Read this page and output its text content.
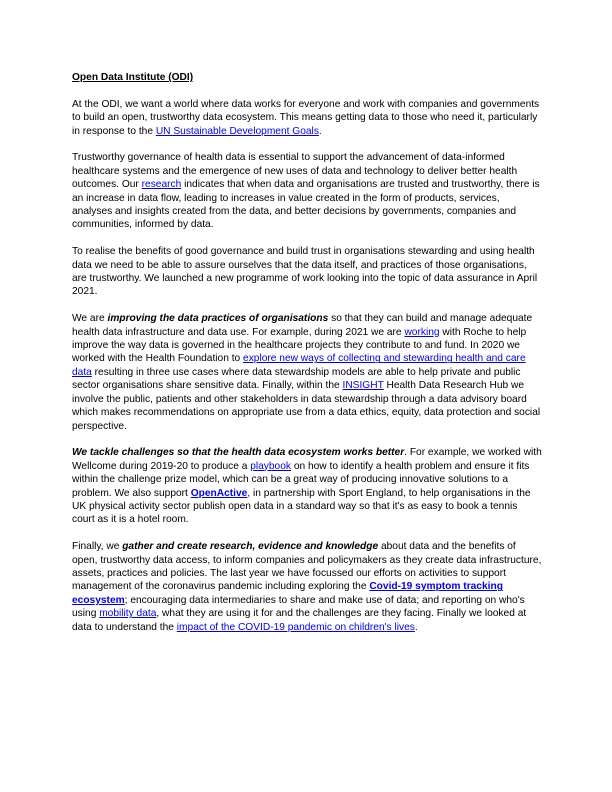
Open Data Institute (ODI)

At the ODI, we want a world where data works for everyone and work with companies and governments to build an open, trustworthy data ecosystem. This means getting data to those who need it, particularly in response to the UN Sustainable Development Goals.

Trustworthy governance of health data is essential to support the advancement of data-informed healthcare systems and the emergence of new uses of data and technology to deliver better health outcomes. Our research indicates that when data and organisations are trusted and trustworthy, there is an increase in data flow, leading to increases in value created in the form of products, services, analyses and insights created from the data, and better decisions by governments, companies and communities, informed by data.

To realise the benefits of good governance and build trust in organisations stewarding and using health data we need to be able to assure ourselves that the data itself, and practices of those organisations, are trustworthy. We launched a new programme of work looking into the topic of data assurance in April 2021.

We are improving the data practices of organisations so that they can build and manage adequate health data infrastructure and data use. For example, during 2021 we are working with Roche to help improve the way data is governed in the healthcare projects they contribute to and fund. In 2020 we worked with the Health Foundation to explore new ways of collecting and stewarding health and care data resulting in three use cases where data stewardship models are able to help private and public sector organisations share sensitive data. Finally, within the INSIGHT Health Data Research Hub we involve the public, patients and other stakeholders in data stewardship through a data advisory board which makes recommendations on appropriate use from a data ethics, equity, data protection and social perspective.

We tackle challenges so that the health data ecosystem works better. For example, we worked with Wellcome during 2019-20 to produce a playbook on how to identify a health problem and ensure it fits within the challenge prize model, which can be a great way of producing innovative solutions to a problem. We also support OpenActive, in partnership with Sport England, to help organisations in the UK physical activity sector publish open data in a standard way so that it's as easy to book a tennis court as it is a hotel room.

Finally, we gather and create research, evidence and knowledge about data and the benefits of open, trustworthy data access, to inform companies and policymakers as they create data infrastructure, assets, practices and policies. The last year we have focussed our efforts on activities to support management of the coronavirus pandemic including exploring the Covid-19 symptom tracking ecosystem; encouraging data intermediaries to share and make use of data; and reporting on who's using mobility data, what they are using it for and the challenges are they facing. Finally we looked at data to understand the impact of the COVID-19 pandemic on children's lives.
